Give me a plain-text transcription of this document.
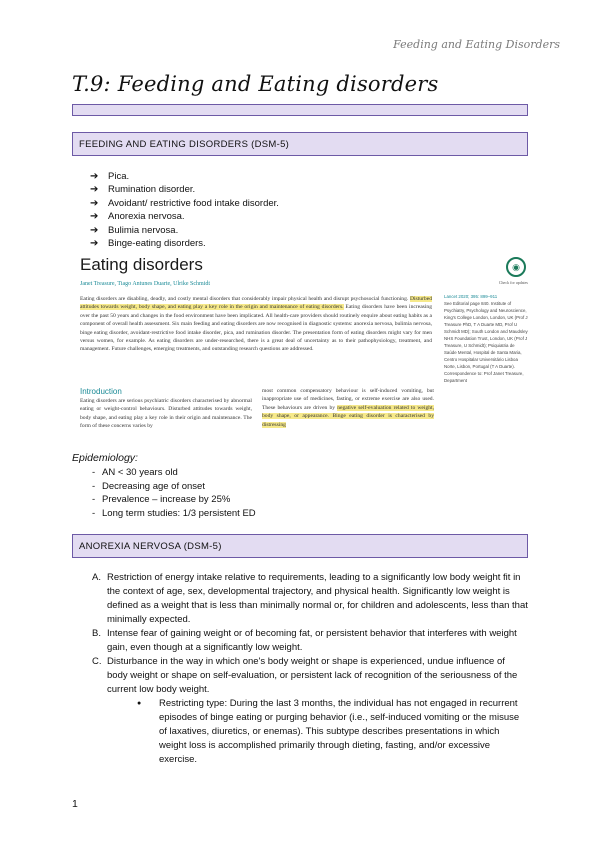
Feeding and Eating Disorders
T.9: Feeding and Eating disorders
FEEDING AND EATING DISORDERS (DSM-5)
➔	Pica.
➔	Rumination disorder.
➔	Avoidant/ restrictive food intake disorder.
➔	Anorexia nervosa.
➔	Bulimia nervosa.
➔	Binge-eating disorders.
Eating disorders
Janet Treasure, Tiago Antunes Duarte, Ulrike Schmidt
◉
Check for updates
Eating disorders are disabling, deadly, and costly mental disorders that considerably impair physical health and disrupt psychosocial functioning. Disturbed attitudes towards weight, body shape, and eating play a key role in the origin and maintenance of eating disorders. Eating disorders have been increasing over the past 50 years and changes in the food environment have been implicated. All health-care providers should routinely enquire about eating habits as a component of overall health assessment. Six main feeding and eating disorders are now recognised in diagnostic systems: anorexia nervosa, bulimia nervosa, binge eating disorder, avoidant-restrictive food intake disorder, pica, and rumination disorder. The presentation form of eating disorders might vary for men versus women, for example. As eating disorders are under-researched, there is a great deal of uncertainty as to their pathophysiology, treatment, and management. Future challenges, emerging treatments, and outstanding research questions are addressed.
Introduction
Eating disorders are serious psychiatric disorders characterised by abnormal eating or weight-control behaviours. Disturbed attitudes towards weight, body shape, and eating play a key role in their origin and maintenance. The form of these concerns varies by
most common compensatory behaviour is self-induced vomiting, but inappropriate use of medicines, fasting, or extreme exercise are also used. These behaviours are driven by negative self-evaluation related to weight, body shape, or appearance. Binge eating disorder is characterised by distressing
Lancet 2020; 395: 899–911
See Editorial page 840. Institute of Psychiatry, Psychology and Neuroscience, King's College London, London, UK (Prof J Treasure PhD, T A Duarte MD, Prof U Schmidt MD); South London and Maudsley NHS Foundation Trust, London, UK (Prof J Treasure, U Schmidt); Psiquiatria de Saúde Mental, Hospital de Santa Maria, Centro Hospitalar Universitário Lisboa Norte, Lisbon, Portugal (T A Duarte). Correspondence to: Prof Janet Treasure, Department
Epidemiology:
- AN < 30 years old
- Decreasing age of onset
- Prevalence – increase by 25%
- Long term studies: 1/3 persistent ED
ANOREXIA NERVOSA (DSM-5)
A. Restriction of energy intake relative to requirements, leading to a significantly low body weight fit in the context of age, sex, developmental trajectory, and physical health. Significantly low weight is defined as a weight that is less than minimally normal or, for children and adolescents, less than that minimally expected.
B. Intense fear of gaining weight or of becoming fat, or persistent behavior that interferes with weight gain, even though at a significantly low weight.
C. Disturbance in the way in which one's body weight or shape is experienced, undue influence of body weight or shape on self-evaluation, or persistent lack of recognition of the seriousness of the current low body weight.
●	Restricting type: During the last 3 months, the individual has not engaged in recurrent episodes of binge eating or purging behavior (i.e., self-induced vomiting or the misuse of laxatives, diuretics, or enemas). This subtype describes presentations in which weight loss is accomplished primarily through dieting, fasting, and/or excessive exercise.
1
